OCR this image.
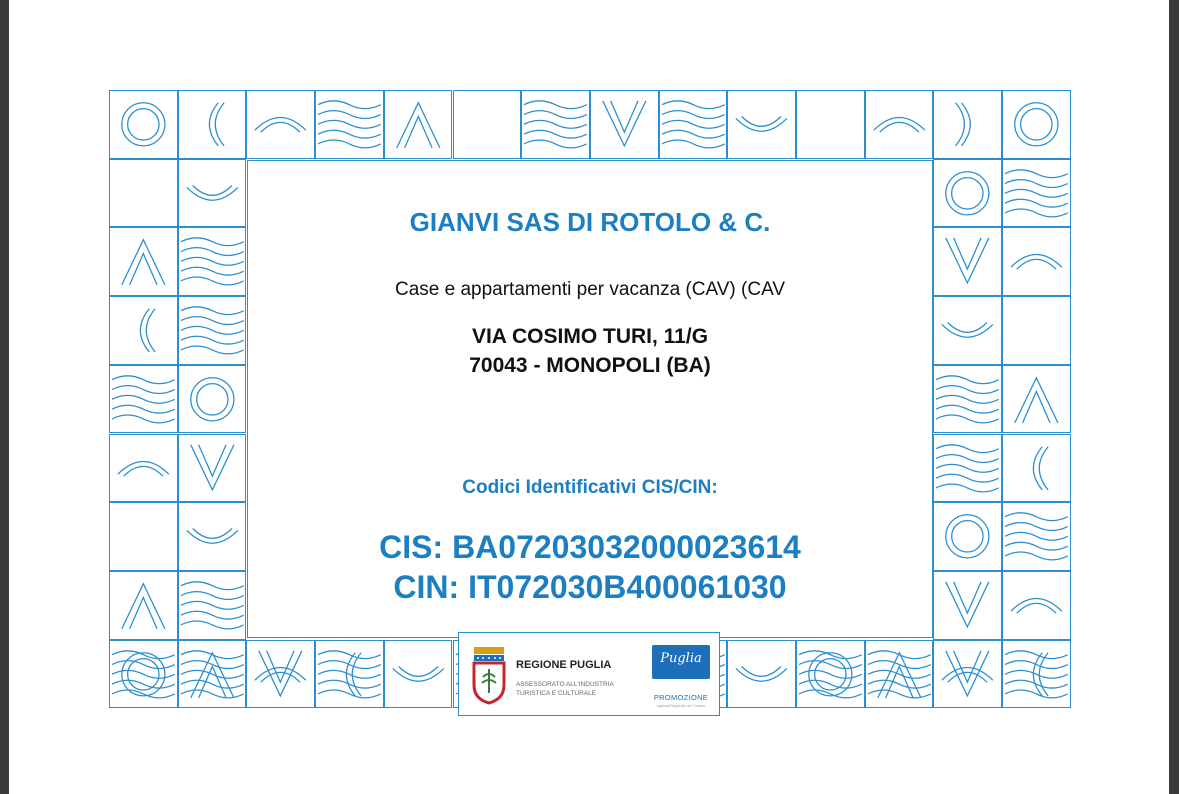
GIANVI SAS DI ROTOLO & C.

Case e appartamenti per vacanza (CAV) (CAV

VIA COSIMO TURI, 11/G

70043 - MONOPOLI (BA)

Codici Identificativi CIS/CIN:

CIS: BA07203032000023614

CIN: IT072030B400061030

REGIONE PUGLIA
ASSESSORATO ALL'INDUSTRIA
TURISTICA E CULTURALE
Puglia
PROMOZIONE
Agenzia Regionale del Turismo
